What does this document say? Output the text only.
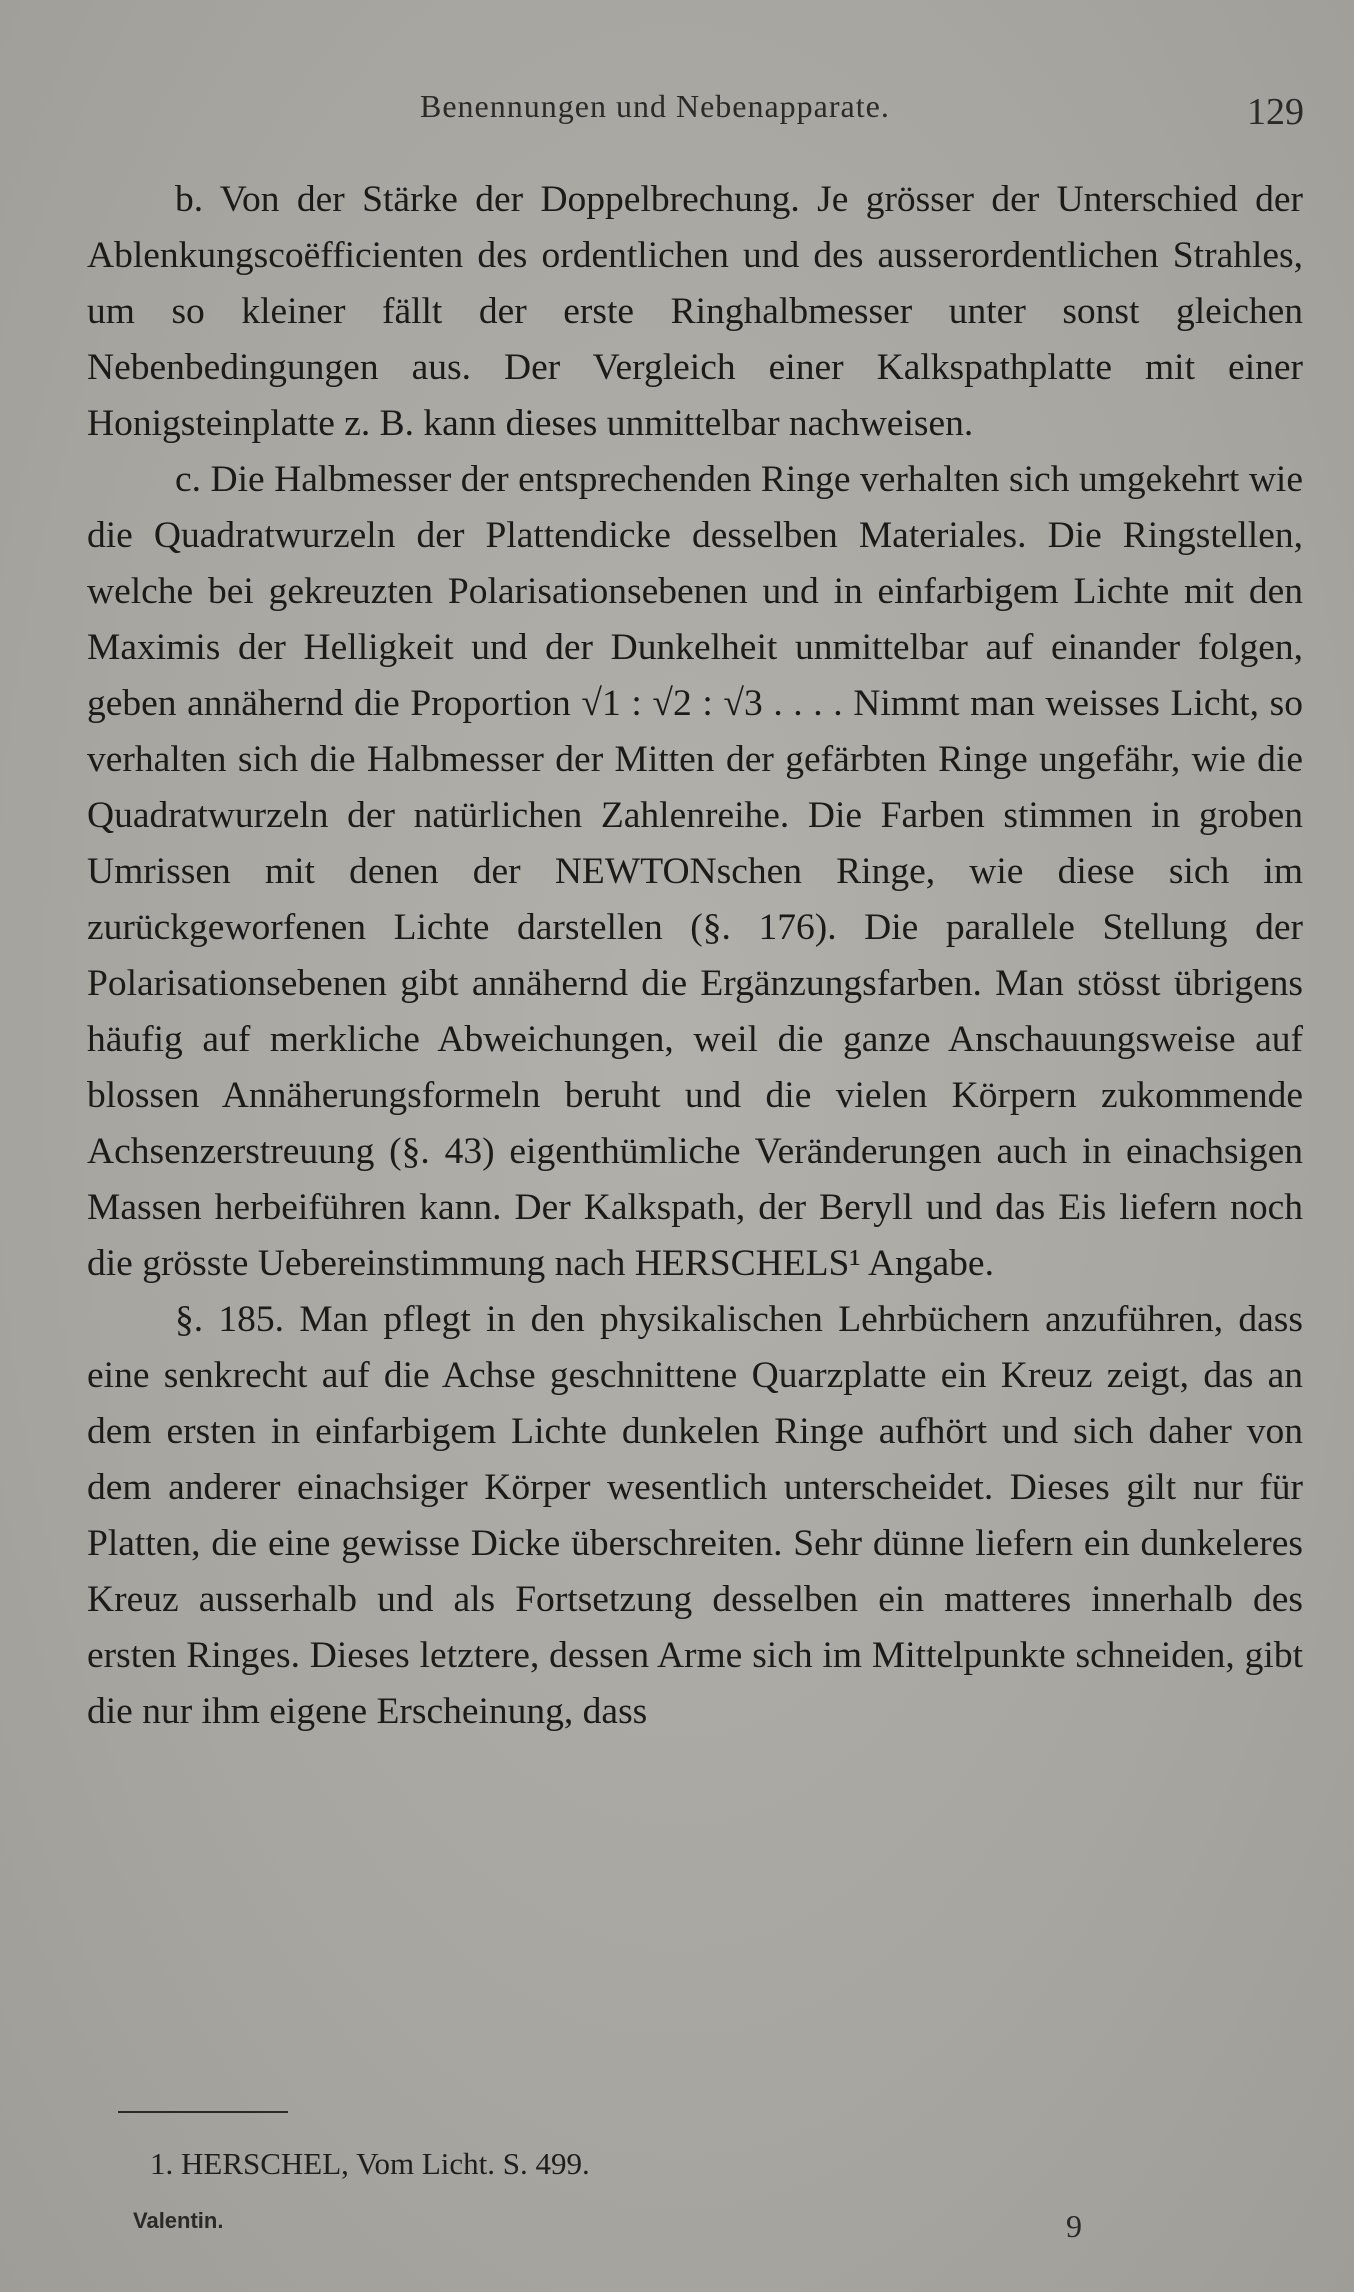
Benennungen und Nebenapparate.	129

b. Von der Stärke der Doppelbrechung. Je grösser der Unterschied der Ablenkungscoëfficienten des ordentlichen und des ausserordentlichen Strahles, um so kleiner fällt der erste Ringhalbmesser unter sonst gleichen Nebenbedingungen aus. Der Vergleich einer Kalkspathplatte mit einer Honigsteinplatte z. B. kann dieses unmittelbar nachweisen.

c. Die Halbmesser der entsprechenden Ringe verhalten sich umgekehrt wie die Quadratwurzeln der Plattendicke desselben Materiales. Die Ringstellen, welche bei gekreuzten Polarisationsebenen und in einfarbigem Lichte mit den Maximis der Helligkeit und der Dunkelheit unmittelbar auf einander folgen, geben annähernd die Proportion √1 : √2 : √3 . . . . Nimmt man weisses Licht, so verhalten sich die Halbmesser der Mitten der gefärbten Ringe ungefähr, wie die Quadratwurzeln der natürlichen Zahlenreihe. Die Farben stimmen in groben Umrissen mit denen der NEWTONschen Ringe, wie diese sich im zurückgeworfenen Lichte darstellen (§. 176). Die parallele Stellung der Polarisationsebenen gibt annähernd die Ergänzungsfarben. Man stösst übrigens häufig auf merkliche Abweichungen, weil die ganze Anschauungsweise auf blossen Annäherungsformeln beruht und die vielen Körpern zukommende Achsenzerstreuung (§. 43) eigenthümliche Veränderungen auch in einachsigen Massen herbeiführen kann. Der Kalkspath, der Beryll und das Eis liefern noch die grösste Uebereinstimmung nach HERSCHELS¹ Angabe.

§. 185. Man pflegt in den physikalischen Lehrbüchern anzuführen, dass eine senkrecht auf die Achse geschnittene Quarzplatte ein Kreuz zeigt, das an dem ersten in einfarbigem Lichte dunkelen Ringe aufhört und sich daher von dem anderer einachsiger Körper wesentlich unterscheidet. Dieses gilt nur für Platten, die eine gewisse Dicke überschreiten. Sehr dünne liefern ein dunkeleres Kreuz ausserhalb und als Fortsetzung desselben ein matteres innerhalb des ersten Ringes. Dieses letztere, dessen Arme sich im Mittelpunkte schneiden, gibt die nur ihm eigene Erscheinung, dass

1. HERSCHEL, Vom Licht. S. 499.
Valentin.	9
